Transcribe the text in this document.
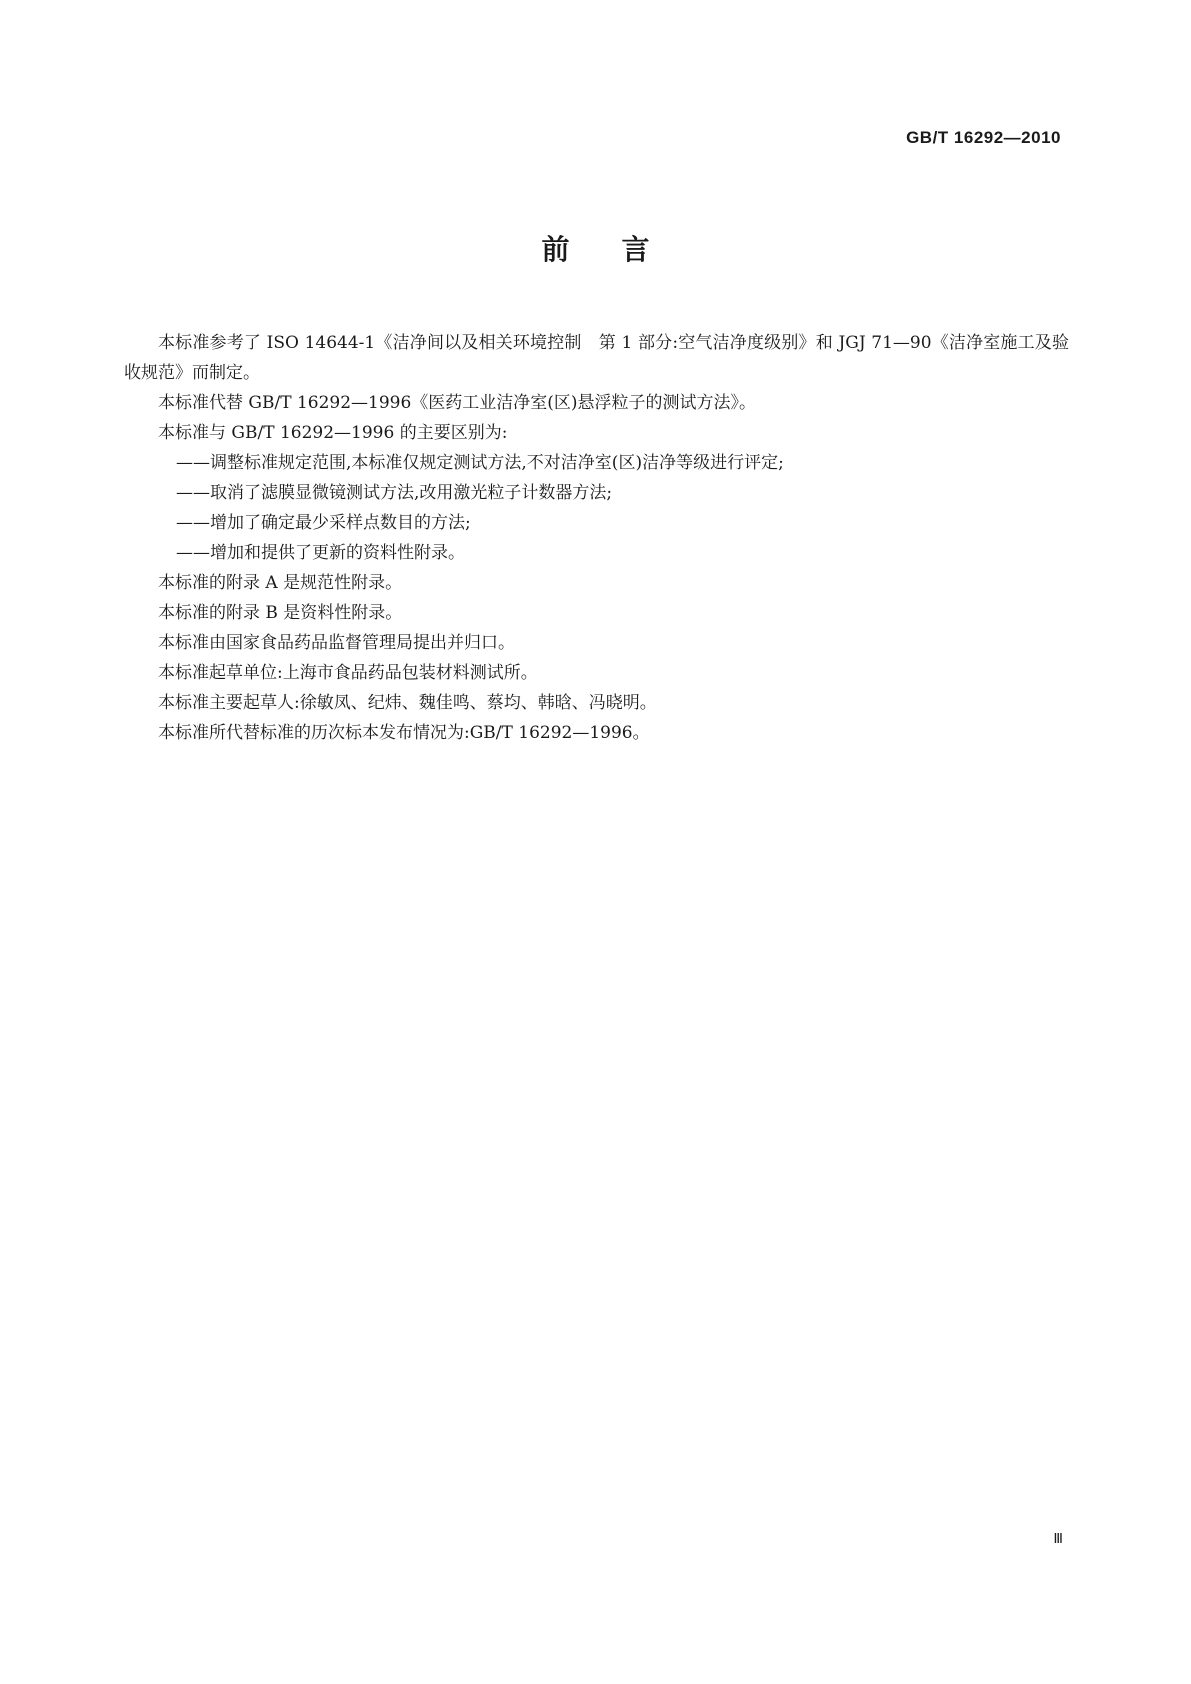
GB/T 16292—2010
前言

本标准参考了 ISO 14644-1《洁净间以及相关环境控制　第 1 部分:空气洁净度级别》和 JGJ 71—90《洁净室施工及验收规范》而制定。

本标准代替 GB/T 16292—1996《医药工业洁净室(区)悬浮粒子的测试方法》。

本标准与 GB/T 16292—1996 的主要区别为:

——调整标准规定范围,本标准仅规定测试方法,不对洁净室(区)洁净等级进行评定;

——取消了滤膜显微镜测试方法,改用激光粒子计数器方法;

——增加了确定最少采样点数目的方法;

——增加和提供了更新的资料性附录。

本标准的附录 A 是规范性附录。

本标准的附录 B 是资料性附录。

本标准由国家食品药品监督管理局提出并归口。

本标准起草单位:上海市食品药品包装材料测试所。

本标准主要起草人:徐敏凤、纪炜、魏佳鸣、蔡均、韩晗、冯晓明。

本标准所代替标准的历次标本发布情况为:GB/T 16292—1996。

Ⅲ
